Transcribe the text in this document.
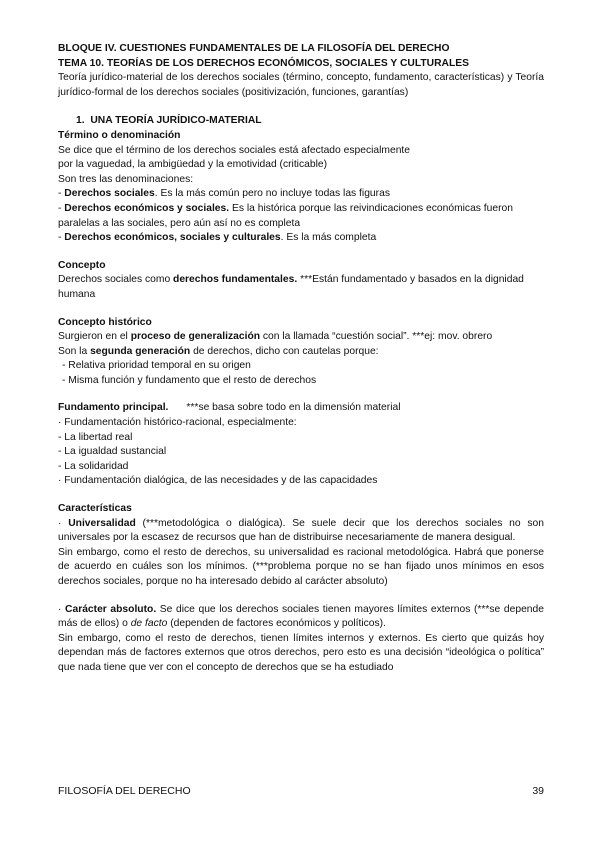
BLOQUE IV. CUESTIONES FUNDAMENTALES DE LA FILOSOFÍA DEL DERECHO
TEMA 10. TEORÍAS DE LOS DERECHOS ECONÓMICOS, SOCIALES Y CULTURALES
Teoría jurídico-material de los derechos sociales (término, concepto, fundamento, características) y Teoría jurídico-formal de los derechos sociales (positivización, funciones, garantías)
1. UNA TEORÍA JURÍDICO-MATERIAL
Término o denominación
Se dice que el término de los derechos sociales está afectado especialmente
por la vaguedad, la ambigüedad y la emotividad (criticable)
Son tres las denominaciones:
- Derechos sociales. Es la más común pero no incluye todas las figuras
- Derechos económicos y sociales. Es la histórica porque las reivindicaciones económicas fueron paralelas a las sociales, pero aún así no es completa
- Derechos económicos, sociales y culturales. Es la más completa
Concepto
Derechos sociales como derechos fundamentales. ***Están fundamentado y basados en la dignidad humana
Concepto histórico
Surgieron en el proceso de generalización con la llamada “cuestión social”. ***ej: mov. obrero
Son la segunda generación de derechos, dicho con cautelas porque:
- Relativa prioridad temporal en su origen
- Misma función y fundamento que el resto de derechos
Fundamento principal. ***se basa sobre todo en la dimensión material
· Fundamentación histórico-racional, especialmente:
- La libertad real
- La igualdad sustancial
- La solidaridad
· Fundamentación dialógica, de las necesidades y de las capacidades
Características
· Universalidad (***metodológica o dialógica). Se suele decir que los derechos sociales no son universales por la escasez de recursos que han de distribuirse necesariamente de manera desigual.
Sin embargo, como el resto de derechos, su universalidad es racional metodológica. Habrá que ponerse de acuerdo en cuáles son los mínimos. (***problema porque no se han fijado unos mínimos en esos derechos sociales, porque no ha interesado debido al carácter absoluto)
· Carácter absoluto. Se dice que los derechos sociales tienen mayores límites externos (***se depende más de ellos) o de facto (dependen de factores económicos y políticos).
Sin embargo, como el resto de derechos, tienen límites internos y externos. Es cierto que quizás hoy dependan más de factores externos que otros derechos, pero esto es una decisión “ideológica o política” que nada tiene que ver con el concepto de derechos que se ha estudiado
FILOSOFÍA DEL DERECHO	39
